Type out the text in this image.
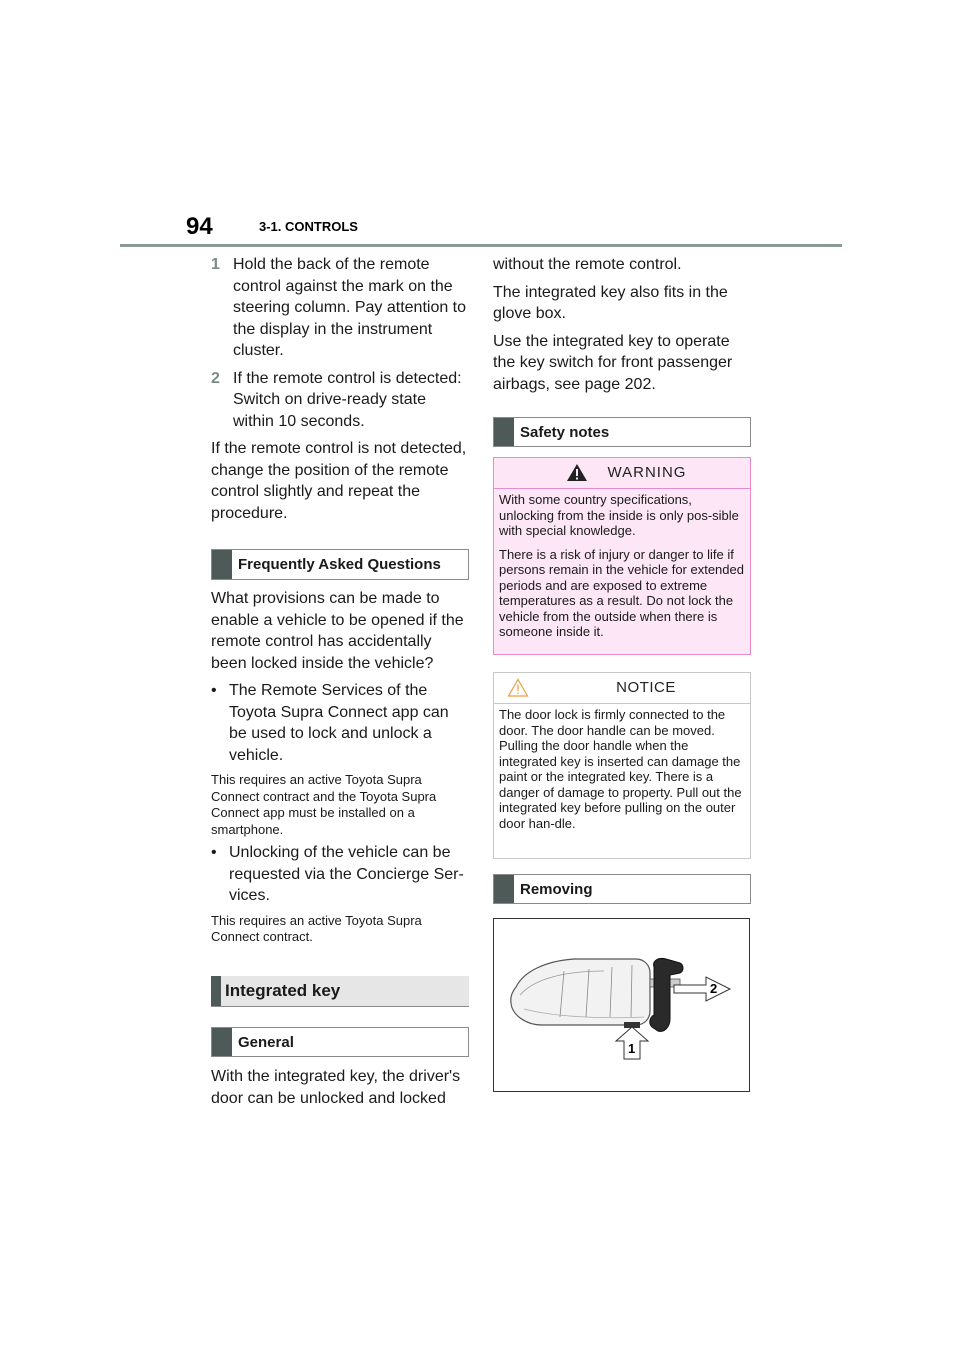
94	3-1. CONTROLS
1 Hold the back of the remote control against the mark on the steering column. Pay attention to the display in the instrument cluster.
2 If the remote control is detected: Switch on drive-ready state within 10 seconds.

If the remote control is not detected, change the position of the remote control slightly and repeat the procedure.

Frequently Asked Questions

What provisions can be made to enable a vehicle to be opened if the remote control has accidentally been locked inside the vehicle?

• The Remote Services of the Toyota Supra Connect app can be used to lock and unlock a vehicle.

This requires an active Toyota Supra Connect contract and the Toyota Supra Connect app must be installed on a smartphone.

• Unlocking of the vehicle can be requested via the Concierge Ser-vices.

This requires an active Toyota Supra Connect contract.

Integrated key
General

With the integrated key, the driver's door can be unlocked and locked

without the remote control.

The integrated key also fits in the glove box.

Use the integrated key to operate the key switch for front passenger airbags, see page 202.

Safety notes
WARNING

With some country specifications, unlocking from the inside is only pos-sible with special knowledge.

There is a risk of injury or danger to life if persons remain in the vehicle for extended periods and are exposed to extreme temperatures as a result. Do not lock the vehicle from the outside when there is someone inside it.

NOTICE

The door lock is firmly connected to the door. The door handle can be moved. Pulling the door handle when the integrated key is inserted can damage the paint or the integrated key. There is a danger of damage to property. Pull out the integrated key before pulling on the outer door han-dle.

Removing
2
1
